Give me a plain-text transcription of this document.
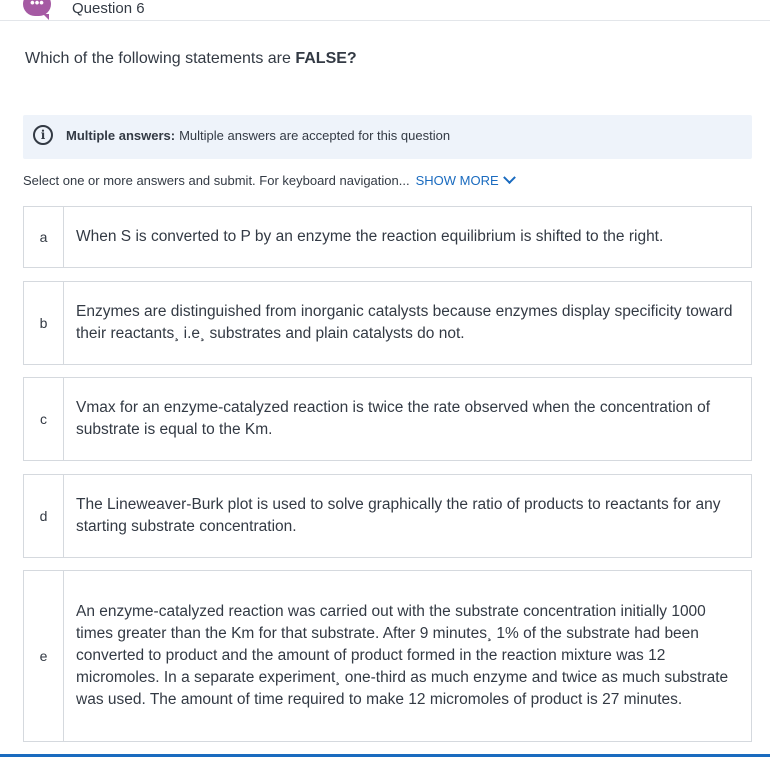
•••	Question 6
Which of the following statements are FALSE?
i	Multiple answers: Multiple answers are accepted for this question
Select one or more answers and submit. For keyboard navigation... SHOW MORE
a	When S is converted to P by an enzyme the reaction equilibrium is shifted to the right.
b
Enzymes are distinguished from inorganic catalysts because enzymes display specificity toward their reactants¸ i.e¸ substrates and plain catalysts do not.
c
Vmax for an enzyme-catalyzed reaction is twice the rate observed when the concentration of substrate is equal to the Km.
d
The Lineweaver-Burk plot is used to solve graphically the ratio of products to reactants for any starting substrate concentration.
e
An enzyme-catalyzed reaction was carried out with the substrate concentration initially 1000 times greater than the Km for that substrate. After 9 minutes¸ 1% of the substrate had been converted to product and the amount of product formed in the reaction mixture was 12 micromoles. In a separate experiment¸ one-third as much enzyme and twice as much substrate was used. The amount of time required to make 12 micromoles of product is 27 minutes.
